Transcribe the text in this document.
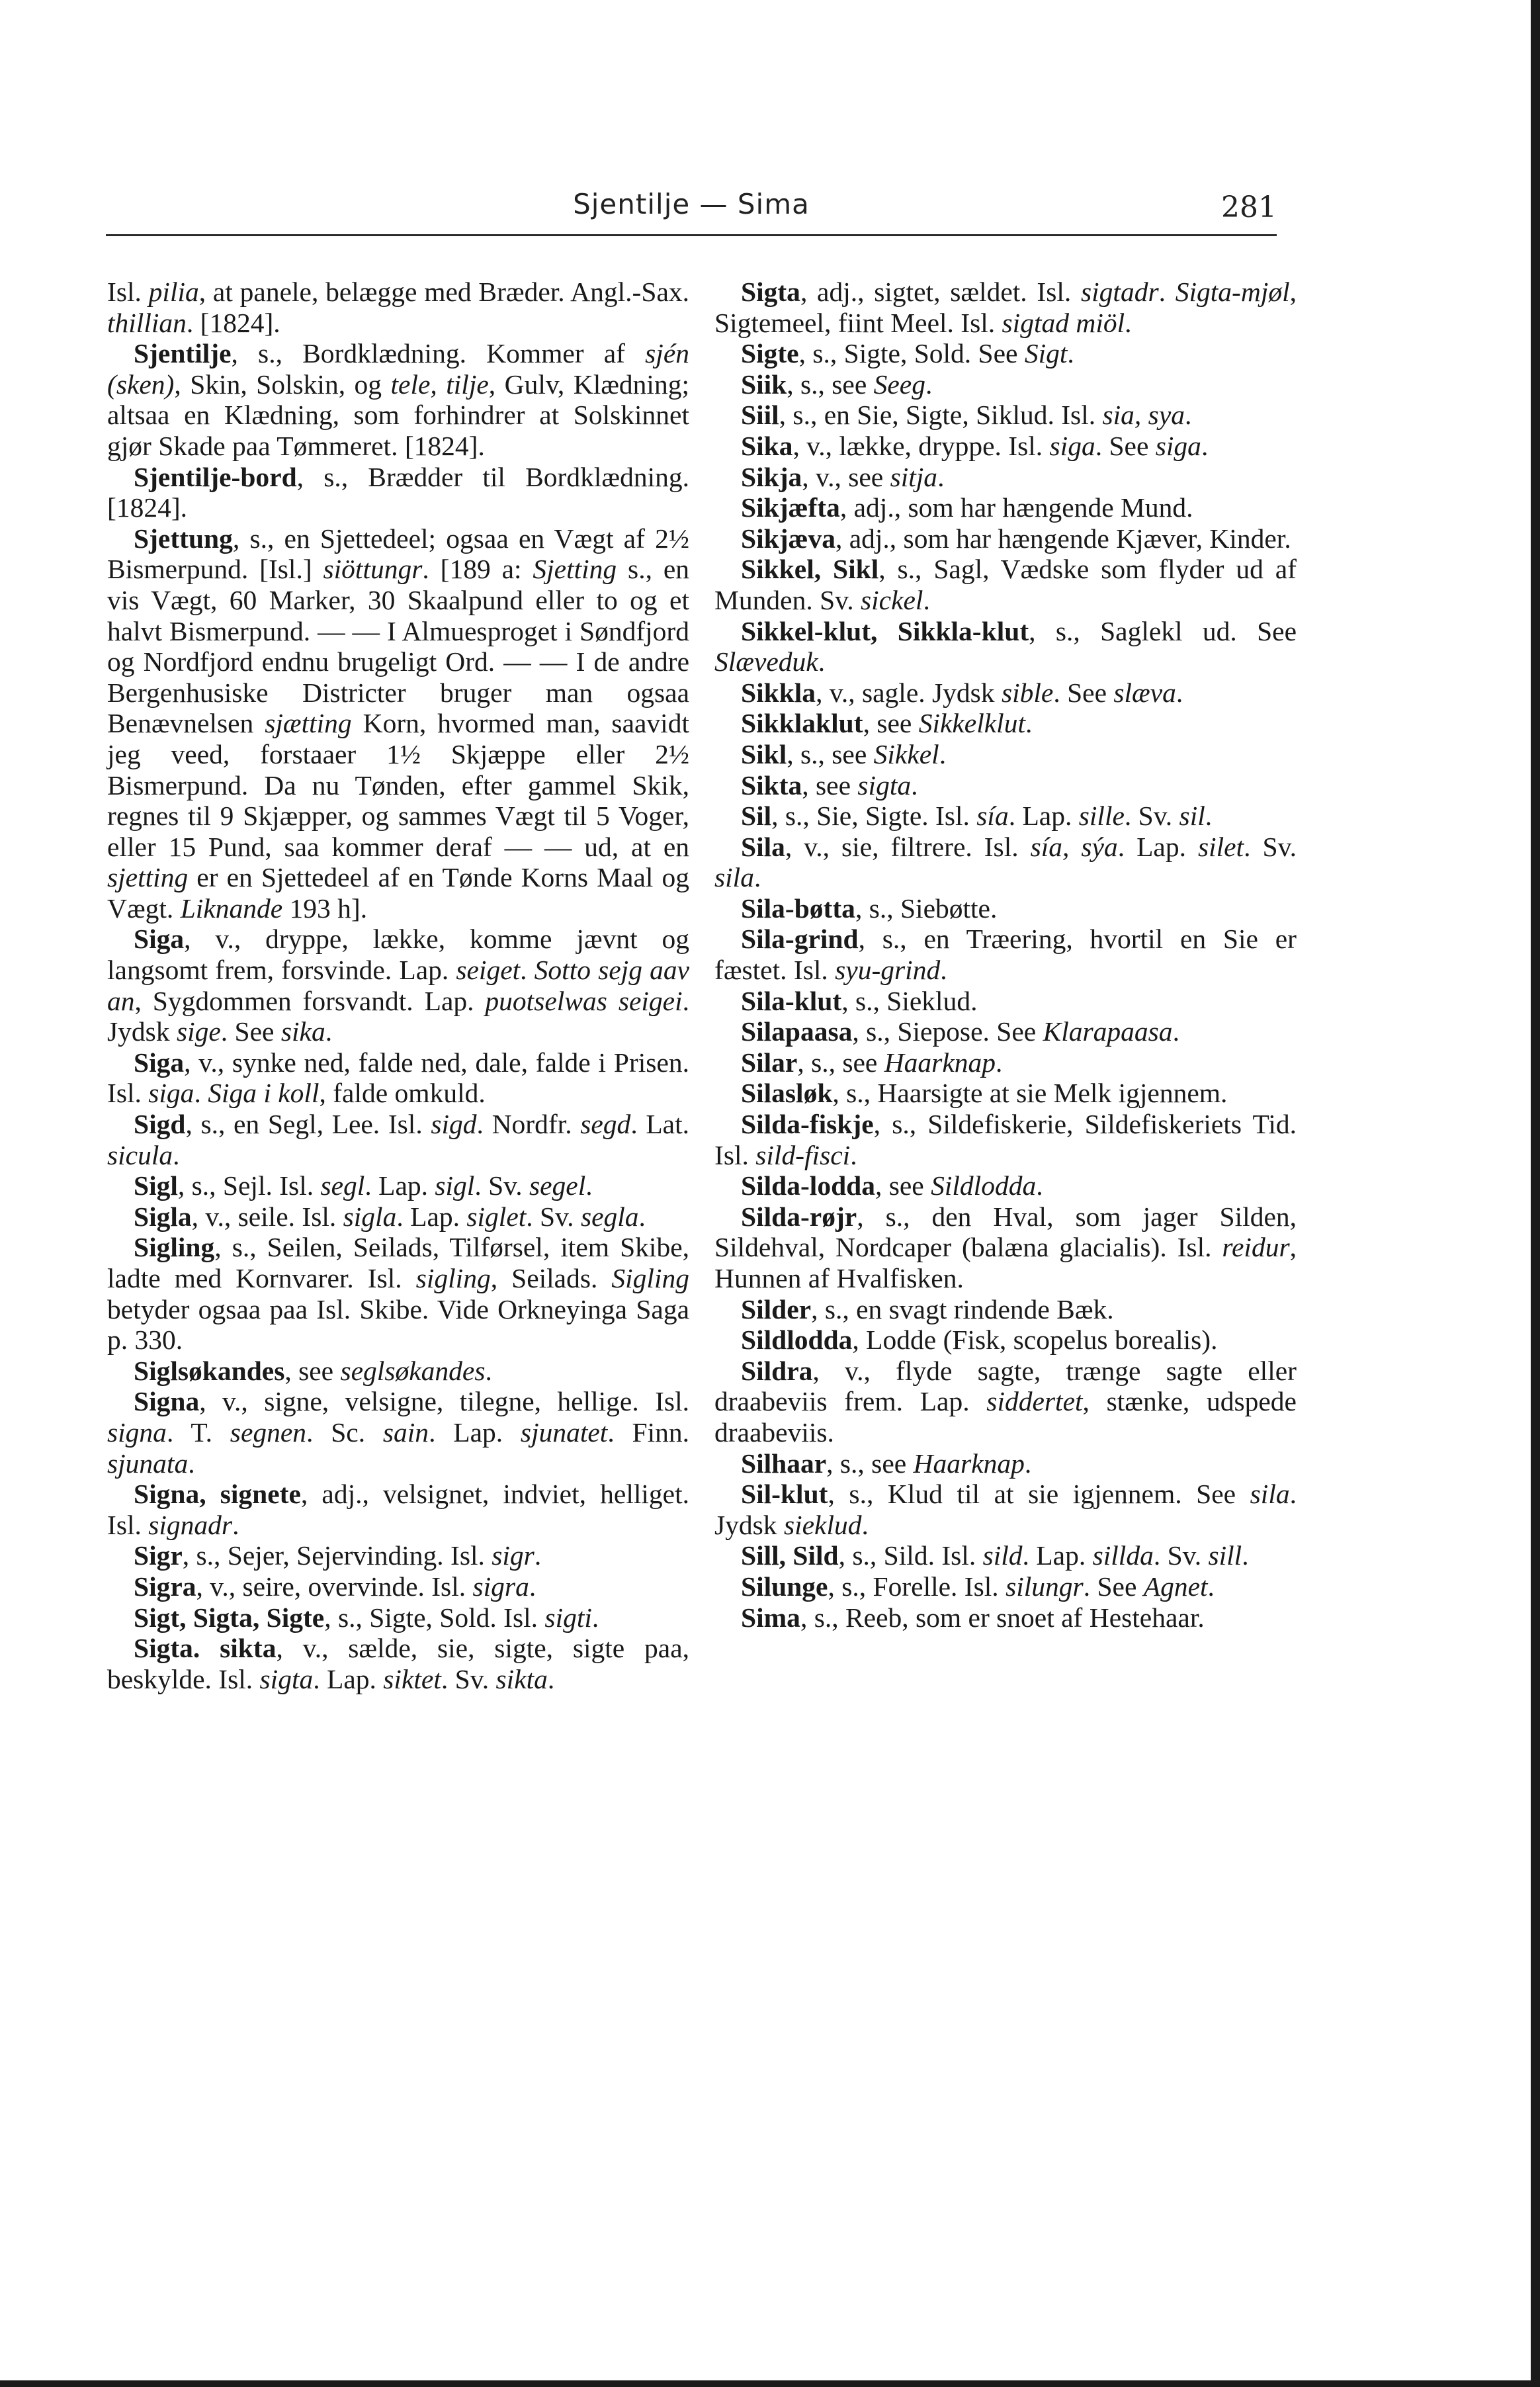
Sjentilje — Sima	281

Isl. pilia, at panele, belægge med Bræder. Angl.-Sax. thillian. [1824].

Sjentilje, s., Bordklædning. Kommer af sjén (sken), Skin, Solskin, og tele, tilje, Gulv, Klædning; altsaa en Klædning, som forhindrer at Solskinnet gjør Skade paa Tømmeret. [1824].

Sjentilje-bord, s., Brædder til Bordklædning. [1824].

Sjettung, s., en Sjettedeel; ogsaa en Vægt af 2½ Bismerpund. [Isl.] siöttungr. [189 a: Sjetting s., en vis Vægt, 60 Marker, 30 Skaalpund eller to og et halvt Bismerpund. — — I Almuesproget i Søndfjord og Nordfjord endnu brugeligt Ord. — — I de andre Bergenhusiske Districter bruger man ogsaa Benævnelsen sjætting Korn, hvormed man, saavidt jeg veed, forstaaer 1½ Skjæppe eller 2½ Bismerpund. Da nu Tønden, efter gammel Skik, regnes til 9 Skjæpper, og sammes Vægt til 5 Voger, eller 15 Pund, saa kommer deraf — — ud, at en sjetting er en Sjettedeel af en Tønde Korns Maal og Vægt. Liknande 193 h].

Siga, v., dryppe, lække, komme jævnt og langsomt frem, forsvinde. Lap. seiget. Sotto sejg aav an, Sygdommen forsvandt. Lap. puotselwas seigei. Jydsk sige. See sika.

Siga, v., synke ned, falde ned, dale, falde i Prisen. Isl. siga. Siga i koll, falde omkuld.

Sigd, s., en Segl, Lee. Isl. sigd. Nordfr. segd. Lat. sicula.

Sigl, s., Sejl. Isl. segl. Lap. sigl. Sv. segel.

Sigla, v., seile. Isl. sigla. Lap. siglet. Sv. segla.

Sigling, s., Seilen, Seilads, Tilførsel, item Skibe, ladte med Kornvarer. Isl. sigling, Seilads. Sigling betyder ogsaa paa Isl. Skibe. Vide Orkneyinga Saga p. 330.

Siglsøkandes, see seglsøkandes.

Signa, v., signe, velsigne, tilegne, hellige. Isl. signa. T. segnen. Sc. sain. Lap. sjunatet. Finn. sjunata.

Signa, signete, adj., velsignet, indviet, helliget. Isl. signadr.

Sigr, s., Sejer, Sejervinding. Isl. sigr.

Sigra, v., seire, overvinde. Isl. sigra.

Sigt, Sigta, Sigte, s., Sigte, Sold. Isl. sigti.

Sigta. sikta, v., sælde, sie, sigte, sigte paa, beskylde. Isl. sigta. Lap. siktet. Sv. sikta.

Sigta, adj., sigtet, sældet. Isl. sigtadr. Sigta-mjøl, Sigtemeel, fiint Meel. Isl. sigtad miöl.

Sigte, s., Sigte, Sold. See Sigt.

Siik, s., see Seeg.

Siil, s., en Sie, Sigte, Siklud. Isl. sia, sya.

Sika, v., lække, dryppe. Isl. siga. See siga.

Sikja, v., see sitja.

Sikjæfta, adj., som har hængende Mund.

Sikjæva, adj., som har hængende Kjæver, Kinder.

Sikkel, Sikl, s., Sagl, Vædske som flyder ud af Munden. Sv. sickel.

Sikkel-klut, Sikkla-klut, s., Saglekl ud. See Slæveduk.

Sikkla, v., sagle. Jydsk sible. See slæva.

Sikklaklut, see Sikkelklut.

Sikl, s., see Sikkel.

Sikta, see sigta.

Sil, s., Sie, Sigte. Isl. sía. Lap. sille. Sv. sil.

Sila, v., sie, filtrere. Isl. sía, sýa. Lap. silet. Sv. sila.

Sila-bøtta, s., Siebøtte.

Sila-grind, s., en Træering, hvortil en Sie er fæstet. Isl. syu-grind.

Sila-klut, s., Sieklud.

Silapaasa, s., Siepose. See Klarapaasa.

Silar, s., see Haarknap.

Silasløk, s., Haarsigte at sie Melk igjennem.

Silda-fiskje, s., Sildefiskerie, Sildefiskeriets Tid. Isl. sild-fisci.

Silda-lodda, see Sildlodda.

Silda-røjr, s., den Hval, som jager Silden, Sildehval, Nordcaper (balæna glacialis). Isl. reidur, Hunnen af Hvalfisken.

Silder, s., en svagt rindende Bæk.

Sildlodda, Lodde (Fisk, scopelus borealis).

Sildra, v., flyde sagte, trænge sagte eller draabeviis frem. Lap. siddertet, stænke, udspede draabeviis.

Silhaar, s., see Haarknap.

Sil-klut, s., Klud til at sie igjennem. See sila. Jydsk sieklud.

Sill, Sild, s., Sild. Isl. sild. Lap. sillda. Sv. sill.

Silunge, s., Forelle. Isl. silungr. See Agnet.

Sima, s., Reeb, som er snoet af Hestehaar.
